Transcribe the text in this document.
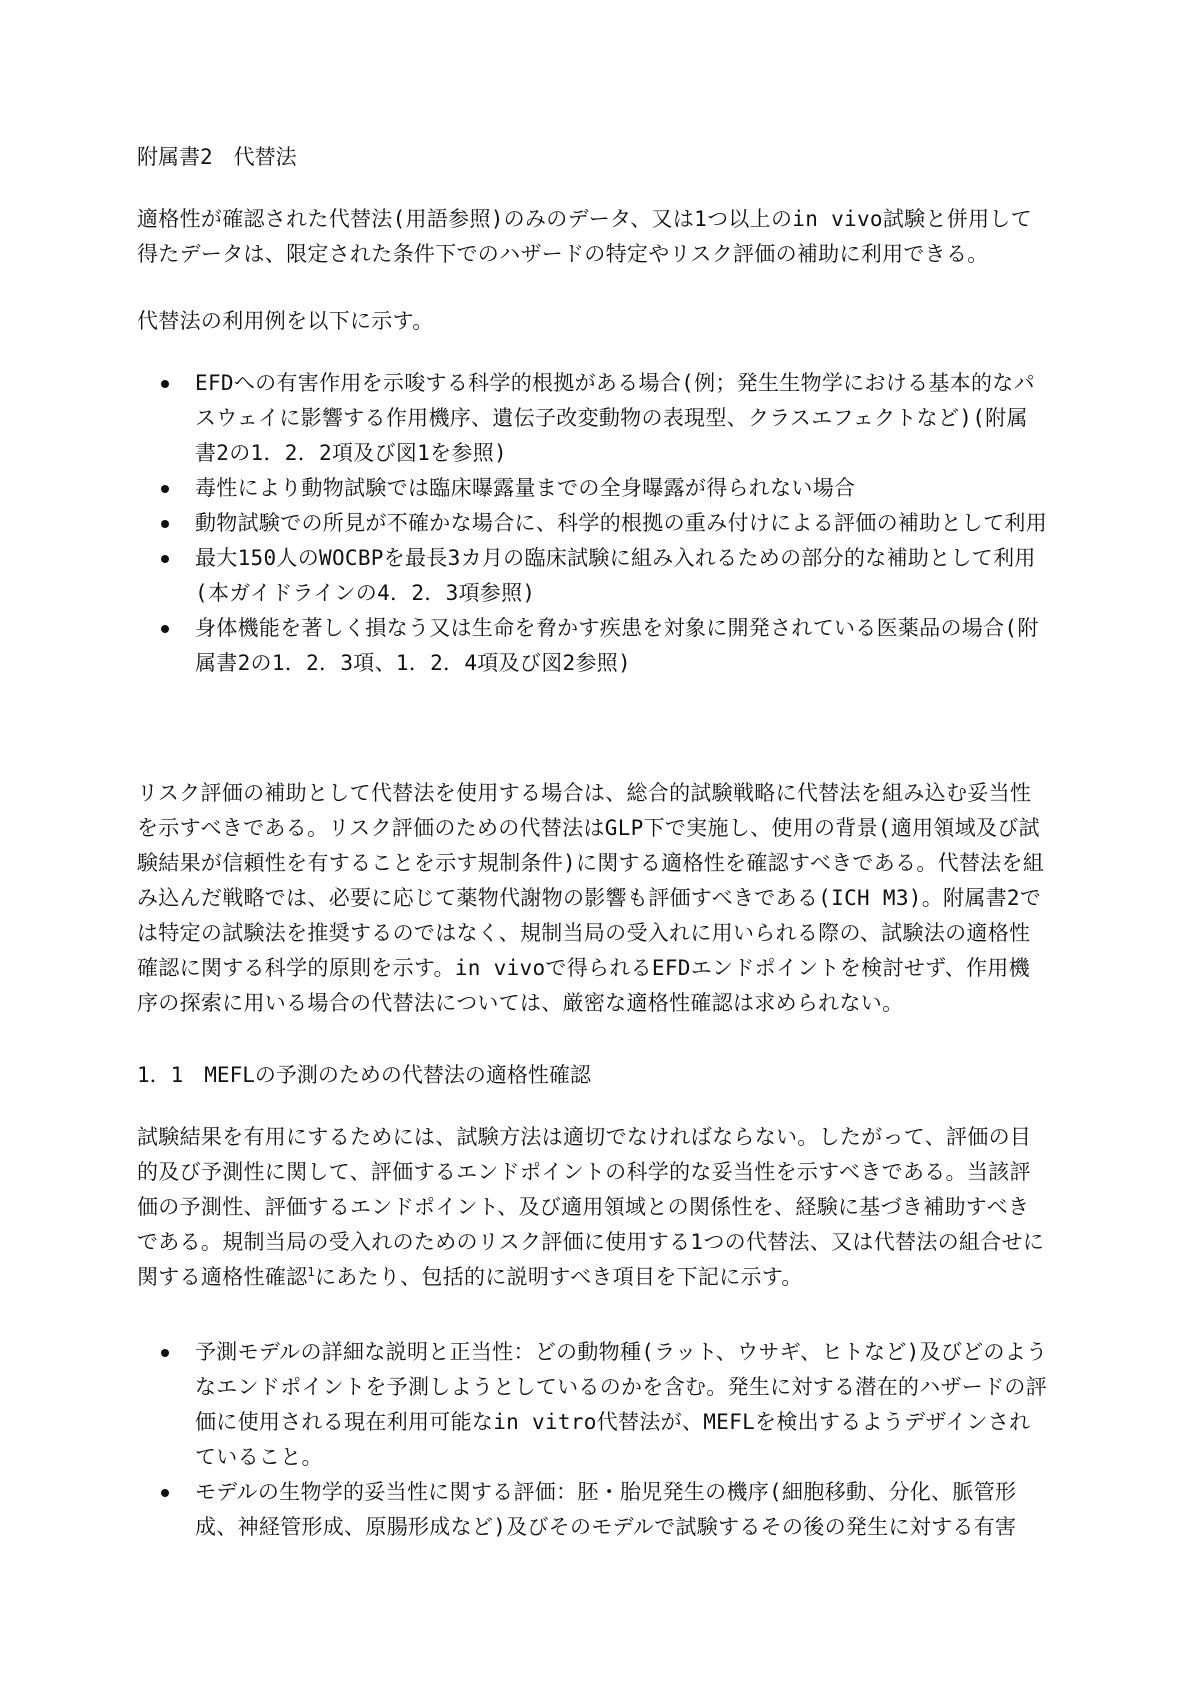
附属書2　代替法

適格性が確認された代替法(用語参照)のみのデータ、又は1つ以上のin vivo試験と併用して得たデータは、限定された条件下でのハザードの特定やリスク評価の補助に利用できる。

代替法の利用例を以下に示す。

EFDへの有害作用を示唆する科学的根拠がある場合(例；発生生物学における基本的なパスウェイに影響する作用機序、遺伝子改変動物の表現型、クラスエフェクトなど)(附属書2の1．2．2項及び図1を参照)
毒性により動物試験では臨床曝露量までの全身曝露が得られない場合
動物試験での所見が不確かな場合に、科学的根拠の重み付けによる評価の補助として利用
最大150人のWOCBPを最長3カ月の臨床試験に組み入れるための部分的な補助として利用(本ガイドラインの4．2．3項参照)
身体機能を著しく損なう又は生命を脅かす疾患を対象に開発されている医薬品の場合(附属書2の1．2．3項、1．2．4項及び図2参照)

リスク評価の補助として代替法を使用する場合は、総合的試験戦略に代替法を組み込む妥当性を示すべきである。リスク評価のための代替法はGLP下で実施し、使用の背景(適用領域及び試験結果が信頼性を有することを示す規制条件)に関する適格性を確認すべきである。代替法を組み込んだ戦略では、必要に応じて薬物代謝物の影響も評価すべきである(ICH M3)。附属書2では特定の試験法を推奨するのではなく、規制当局の受入れに用いられる際の、試験法の適格性確認に関する科学的原則を示す。in vivoで得られるEFDエンドポイントを検討せず、作用機序の探索に用いる場合の代替法については、厳密な適格性確認は求められない。

1．1　MEFLの予測のための代替法の適格性確認

試験結果を有用にするためには、試験方法は適切でなければならない。したがって、評価の目的及び予測性に関して、評価するエンドポイントの科学的な妥当性を示すべきである。当該評価の予測性、評価するエンドポイント、及び適用領域との関係性を、経験に基づき補助すべきである。規制当局の受入れのためのリスク評価に使用する1つの代替法、又は代替法の組合せに関する適格性確認$^1$にあたり、包括的に説明すべき項目を下記に示す。

予測モデルの詳細な説明と正当性：どの動物種(ラット、ウサギ、ヒトなど)及びどのようなエンドポイントを予測しようとしているのかを含む。発生に対する潜在的ハザードの評価に使用される現在利用可能なin vitro代替法が、MEFLを検出するようデザインされていること。
モデルの生物学的妥当性に関する評価：胚・胎児発生の機序(細胞移動、分化、脈管形成、神経管形成、原腸形成など)及びそのモデルで試験するその後の発生に対する有害
